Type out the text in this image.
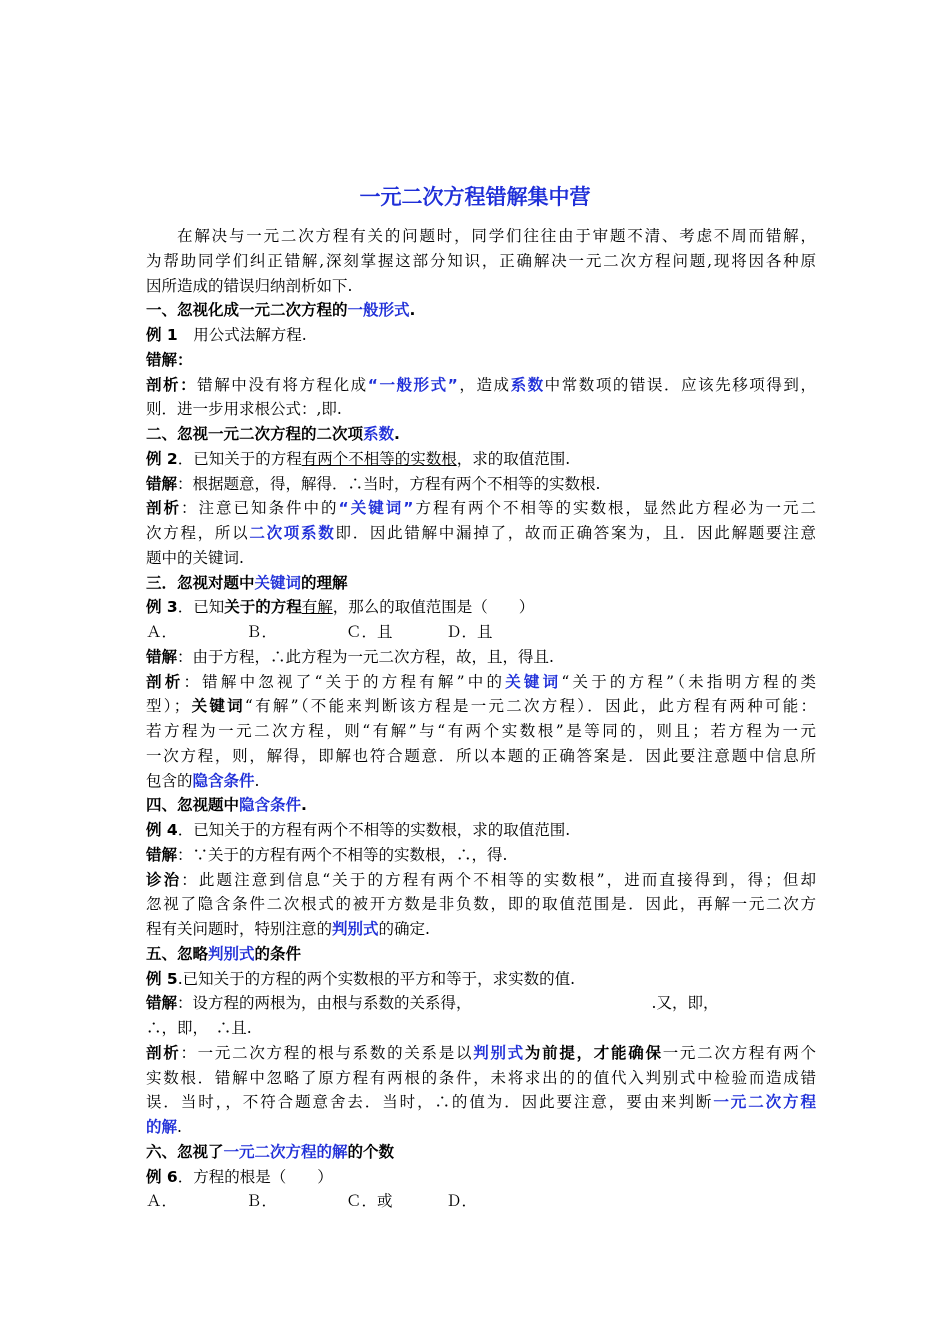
一元二次方程错解集中营
在解决与一元二次方程有关的问题时，同学们往往由于审题不清、考虑不周而错解，
为帮助同学们纠正错解,深刻掌握这部分知识，正确解决一元二次方程问题,现将因各种原
因所造成的错误归纳剖析如下.
一、忽视化成一元二次方程的一般形式.
例 1　用公式法解方程.
错解：
剖析：错解中没有将方程化成“一般形式”，造成系数中常数项的错误．应该先移项得到，
则．进一步用求根公式：,即.
二、忽视一元二次方程的二次项系数.
例 2．已知关于的方程有两个不相等的实数根，求的取值范围.
错解：根据题意，得，解得．∴当时，方程有两个不相等的实数根.
剖析：注意已知条件中的“关键词”方程有两个不相等的实数根，显然此方程必为一元二
次方程，所以二次项系数即．因此错解中漏掉了，故而正确答案为，且．因此解题要注意
题中的关键词.
三．忽视对题中关键词的理解
例 3．已知关于的方程有解，那么的取值范围是（　　）
Ａ．	Ｂ．	Ｃ．且	Ｄ．且
错解：由于方程，∴此方程为一元二次方程，故，且，得且.
剖析：错解中忽视了“关于的方程有解”中的关键词“关于的方程”（未指明方程的类
型）；关键词“有解”（不能来判断该方程是一元二次方程）．因此，此方程有两种可能：
若方程为一元二次方程，则“有解”与“有两个实数根”是等同的，则且；若方程为一元
一次方程，则，解得，即解也符合题意．所以本题的正确答案是．因此要注意题中信息所
包含的隐含条件.
四、忽视题中隐含条件.
例 4．已知关于的方程有两个不相等的实数根，求的取值范围.
错解：∵关于的方程有两个不相等的实数根，∴，得.
诊治：此题注意到信息“关于的方程有两个不相等的实数根”，进而直接得到，得；但却
忽视了隐含条件二次根式的被开方数是非负数，即的取值范围是．因此，再解一元二次方
程有关问题时，特别注意的判别式的确定.
五、忽略判别式的条件
例 5.已知关于的方程的两个实数根的平方和等于，求实数的值.
错解：设方程的两根为，由根与系数的关系得，	.又，即，
∴，即，　∴且.
剖析：一元二次方程的根与系数的关系是以判别式为前提，才能确保一元二次方程有两个
实数根．错解中忽略了原方程有两根的条件，未将求出的的值代入判别式中检验而造成错
误．当时，，不符合题意舍去．当时，∴的值为．因此要注意，要由来判断一元二次方程
的解.
六、忽视了一元二次方程的解的个数
例 6．方程的根是（　　）
Ａ．	Ｂ．	Ｃ．或	Ｄ．
